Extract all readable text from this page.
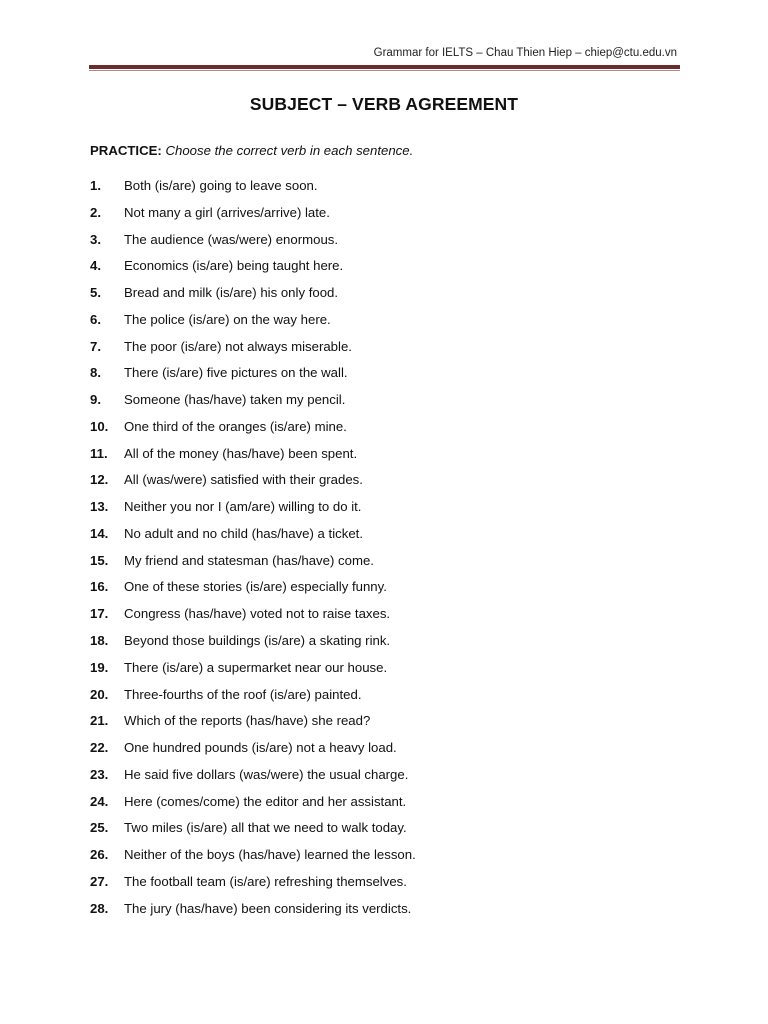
Grammar for IELTS – Chau Thien Hiep – chiep@ctu.edu.vn
SUBJECT – VERB AGREEMENT
PRACTICE: Choose the correct verb in each sentence.
1.	Both (is/are) going to leave soon.
2.	Not many a girl (arrives/arrive) late.
3.	The audience (was/were) enormous.
4.	Economics (is/are) being taught here.
5.	Bread and milk (is/are) his only food.
6.	The police (is/are) on the way here.
7.	The poor (is/are) not always miserable.
8.	There (is/are) five pictures on the wall.
9.	Someone (has/have) taken my pencil.
10.	One third of the oranges (is/are) mine.
11.	All of the money (has/have) been spent.
12.	All (was/were) satisfied with their grades.
13.	Neither you nor I (am/are) willing to do it.
14.	No adult and no child (has/have) a ticket.
15.	My friend and statesman (has/have) come.
16.	One of these stories (is/are) especially funny.
17.	Congress (has/have) voted not to raise taxes.
18.	Beyond those buildings (is/are) a skating rink.
19.	There (is/are) a supermarket near our house.
20.	Three-fourths of the roof (is/are) painted.
21.	Which of the reports (has/have) she read?
22.	One hundred pounds (is/are) not a heavy load.
23.	He said five dollars (was/were) the usual charge.
24.	Here (comes/come) the editor and her assistant.
25.	Two miles (is/are) all that we need to walk today.
26.	Neither of the boys (has/have) learned the lesson.
27.	The football team (is/are) refreshing themselves.
28.	The jury (has/have) been considering its verdicts.
